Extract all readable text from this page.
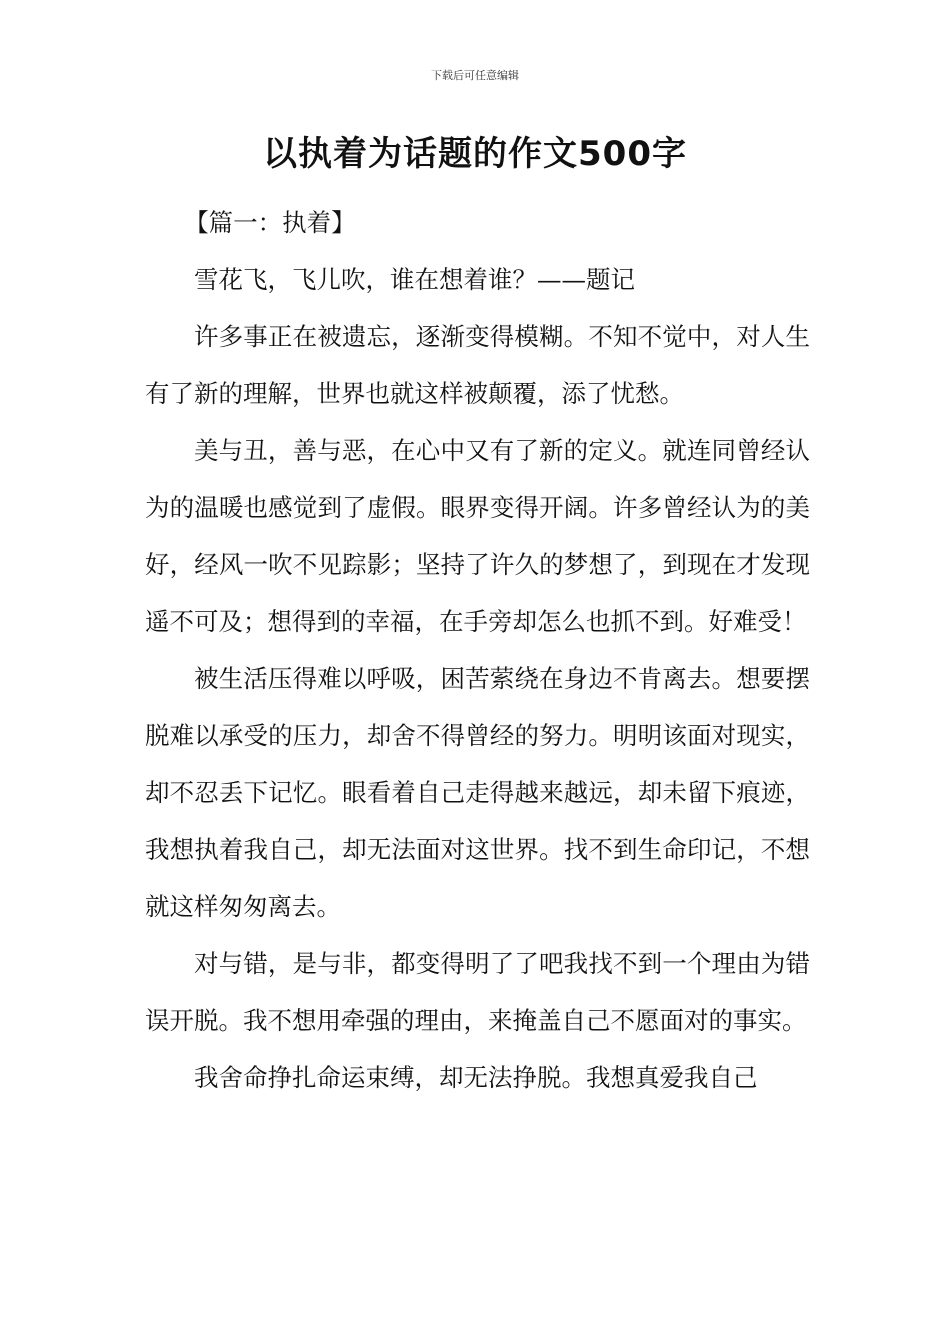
下载后可任意编辑
以执着为话题的作文500字

【篇一：执着】

雪花飞，飞儿吹，谁在想着谁？——题记

许多事正在被遗忘，逐渐变得模糊。不知不觉中，对人生有了新的理解，世界也就这样被颠覆，添了忧愁。

美与丑，善与恶，在心中又有了新的定义。就连同曾经认为的温暖也感觉到了虚假。眼界变得开阔。许多曾经认为的美好，经风一吹不见踪影；坚持了许久的梦想了，到现在才发现遥不可及；想得到的幸福，在手旁却怎么也抓不到。好难受！

被生活压得难以呼吸，困苦萦绕在身边不肯离去。想要摆脱难以承受的压力，却舍不得曾经的努力。明明该面对现实，却不忍丢下记忆。眼看着自己走得越来越远，却未留下痕迹，我想执着我自己，却无法面对这世界。找不到生命印记，不想就这样匆匆离去。

对与错，是与非，都变得明了了吧我找不到一个理由为错误开脱。我不想用牵强的理由，来掩盖自己不愿面对的事实。

我舍命挣扎命运束缚，却无法挣脱。我想真爱我自己
